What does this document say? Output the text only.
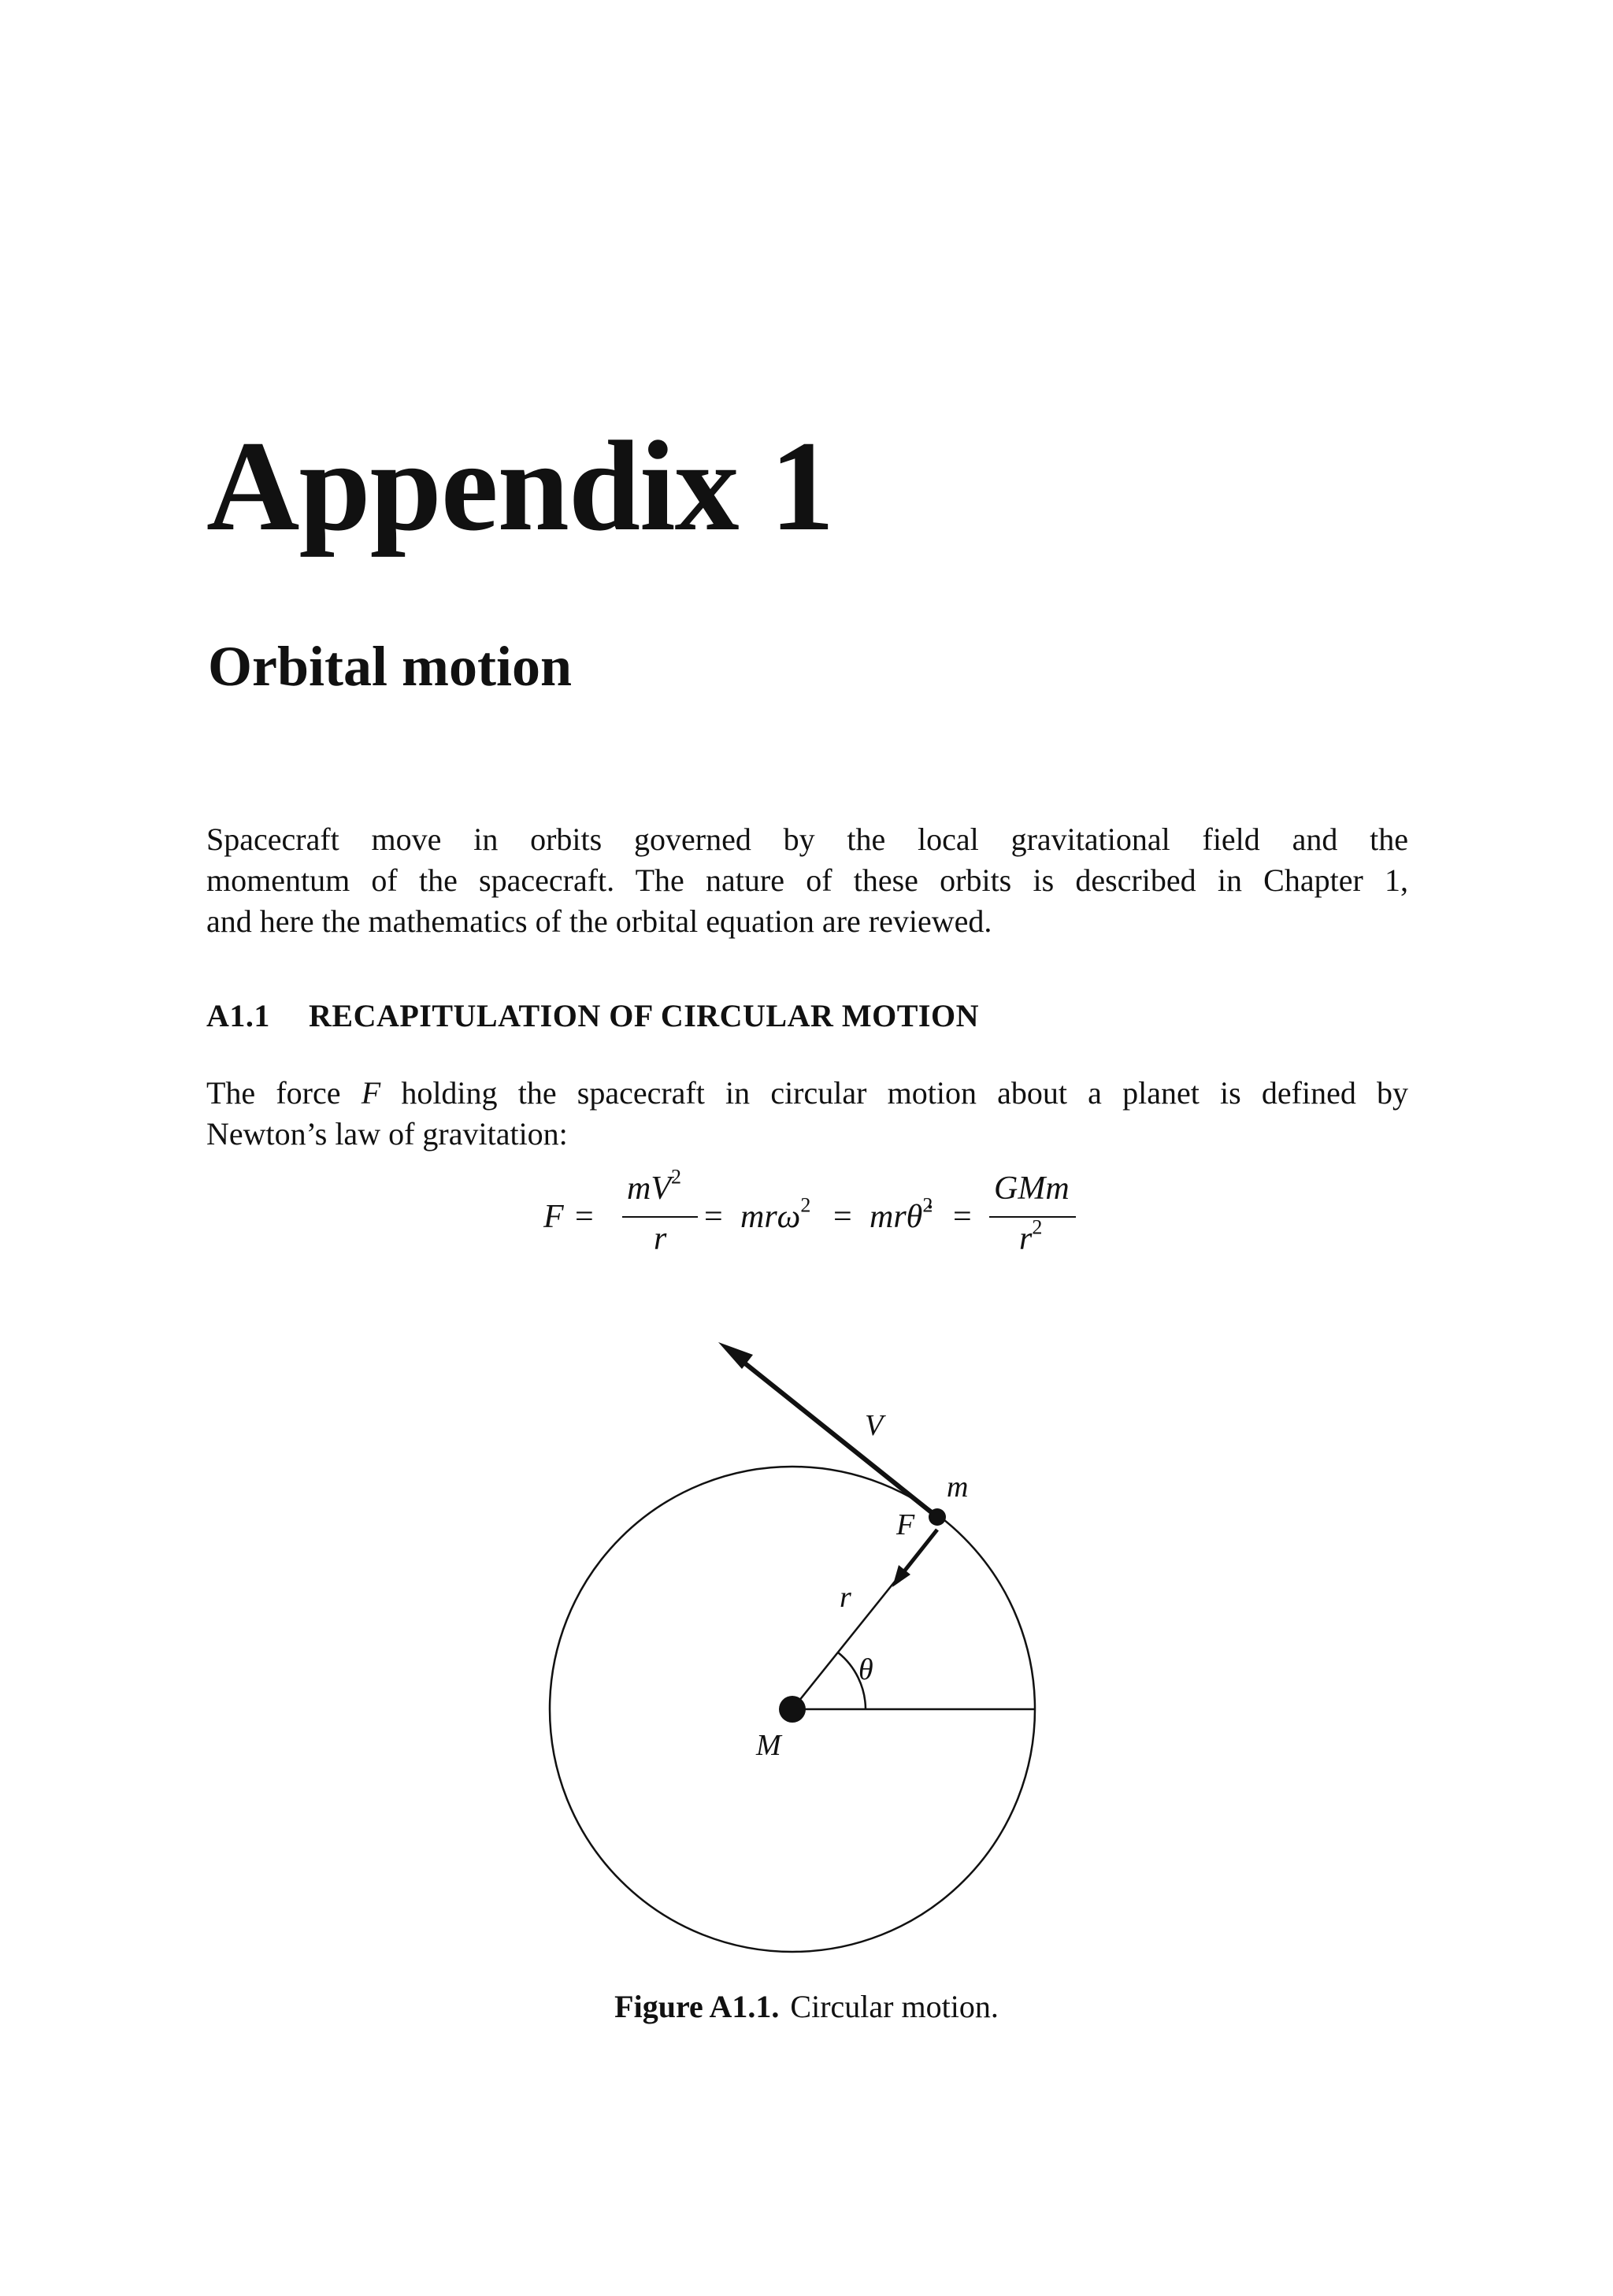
Appendix 1
Orbital motion
Spacecraft move in orbits governed by the local gravitational field and the
momentum of the spacecraft. The nature of these orbits is described in Chapter 1,
and here the mathematics of the orbital equation are reviewed.
A1.1 RECAPITULATION OF CIRCULAR MOTION
The force F holding the spacecraft in circular motion about a planet is defined by
Newton’s law of gravitation:
F =
$mV^2$
r
= mrω$^2$ = mrθ̇$^2$ =
GMm
$r^2$
V
m
F
r
θ
M
Figure A1.1. Circular motion.
